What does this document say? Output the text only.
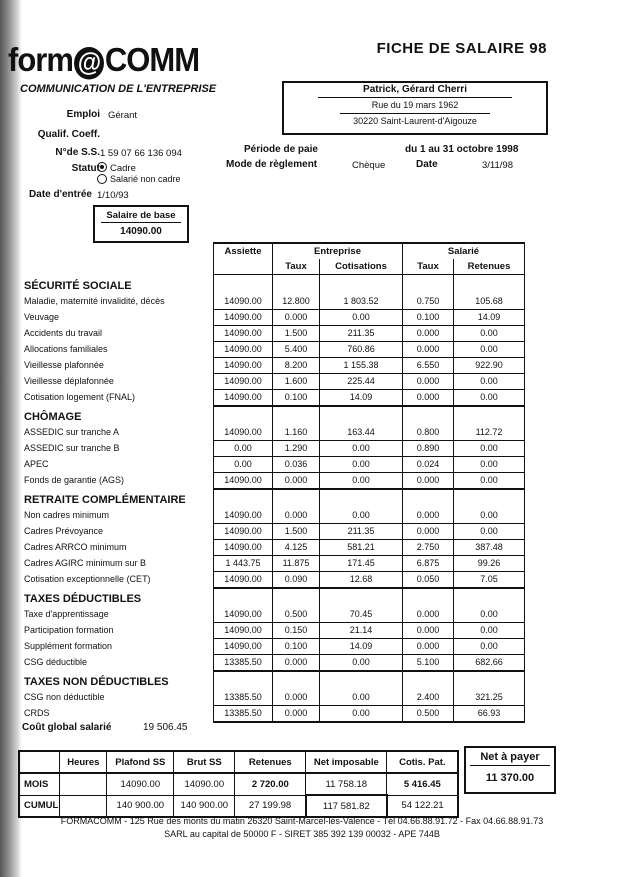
form @ COMM
COMMUNICATION DE L'ENTREPRISE
FICHE DE SALAIRE 98
Patrick, Gérard Cherri
Rue du 19 mars 1962
30220 Saint-Laurent-d'Aigouze
Emploi Gérant
Qualif. Coeff.
N°de S.S. 1 59 07 66 136 094
Statut	Cadre
Salarié non cadre
Date d'entrée 1/10/93
Période de paie	du 1 au 31 octobre 1998
Mode de règlement	Chèque	Date	3/11/98
Salaire de base
14090.00
	Assiette	Entreprise		Salarié	
		Taux	Cotisations	Taux	Retenues
SÉCURITÉ SOCIALE					
Maladie, maternité invalidité, décès	14090.00	12.800	1 803.52	0.750	105.68
Veuvage	14090.00	0.000	0.00	0.100	14.09
Accidents du travail	14090.00	1.500	211.35	0.000	0.00
Allocations familiales	14090.00	5.400	760.86	0.000	0.00
Vieillesse plafonnée	14090.00	8.200	1 155.38	6.550	922.90
Vieillesse déplafonnée	14090.00	1.600	225.44	0.000	0.00
Cotisation logement (FNAL)	14090.00	0.100	14.09	0.000	0.00
CHÔMAGE					
ASSEDIC sur tranche A	14090.00	1.160	163.44	0.800	112.72
ASSEDIC sur tranche B	0.00	1.290	0.00	0.890	0.00
APEC	0.00	0.036	0.00	0.024	0.00
Fonds de garantie (AGS)	14090.00	0.000	0.00	0.000	0.00
RETRAITE COMPLÉMENTAIRE					
Non cadres minimum	14090.00	0.000	0.00	0.000	0.00
Cadres Prévoyance	14090.00	1.500	211.35	0.000	0.00
Cadres ARRCO minimum	14090.00	4.125	581.21	2.750	387.48
Cadres AGIRC minimum sur B	1 443.75	11.875	171.45	6.875	99.26
Cotisation exceptionnelle (CET)	14090.00	0.090	12.68	0.050	7.05
TAXES DÉDUCTIBLES					
Taxe d'apprentissage	14090.00	0.500	70.45	0.000	0.00
Participation formation	14090.00	0.150	21.14	0.000	0.00
Supplément formation	14090.00	0.100	14.09	0.000	0.00
CSG déductible	13385.50	0.000	0.00	5.100	682.66
TAXES NON DÉDUCTIBLES					
CSG non déductible	13385.50	0.000	0.00	2.400	321.25
CRDS	13385.50	0.000	0.00	0.500	66.93
Coût global salarié	19 506.45
	Heures	Plafond SS	Brut SS	Retenues	Net imposable	Cotis. Pat.
MOIS		14090.00	14090.00	2 720.00	11 758.18	5 416.45
CUMUL		140 900.00	140 900.00	27 199.98	117 581.82	54 122.21
Net à payer
11 370.00
FORMACOMM - 125 Rue des monts du matin 26320 Saint-Marcel-lès-Valence - Tél 04.66.88.91.72 - Fax 04.66.88.91.73
SARL au capital de 50000 F - SIRET 385 392 139 00032 - APE 744B
